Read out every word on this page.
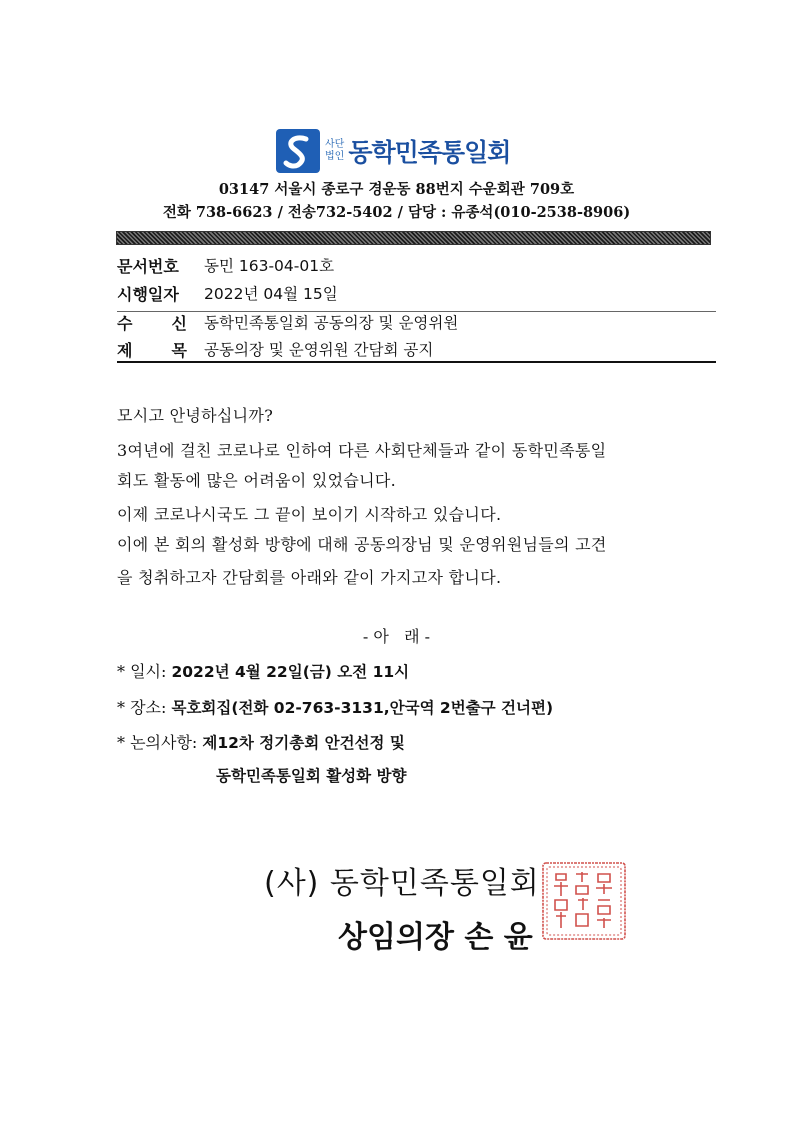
사단
법인 동학민족통일회
03147 서울시 종로구 경운동 88번지 수운회관 709호
전화 738-6623 / 전송732-5402 / 담당 : 유종석(010-2538-8906)
문서번호	동민 163-04-01호
시행일자	2022년 04월 15일
수 신 동학민족통일회 공동의장 및 운영위원
제 목 공동의장 및 운영위원 간담회 공지
모시고 안녕하십니까?
3여년에 걸친 코로나로 인하여 다른 사회단체들과 같이 동학민족통일
회도 활동에 많은 어려움이 있었습니다.
이제 코로나시국도 그 끝이 보이기 시작하고 있습니다.
이에 본 회의 활성화 방향에 대해 공동의장님 및 운영위원님들의 고견
을 청취하고자 간담회를 아래와 같이 가지고자 합니다.
- 아   래 -
* 일시: 2022년 4월 22일(금) 오전 11시
* 장소: 목호회집(전화 02-763-3131,안국역 2번출구 건너편)
* 논의사항: 제12차 정기총회 안건선정 및
동학민족통일회 활성화 방향
(사) 동학민족통일회
상임의장 손 윤
